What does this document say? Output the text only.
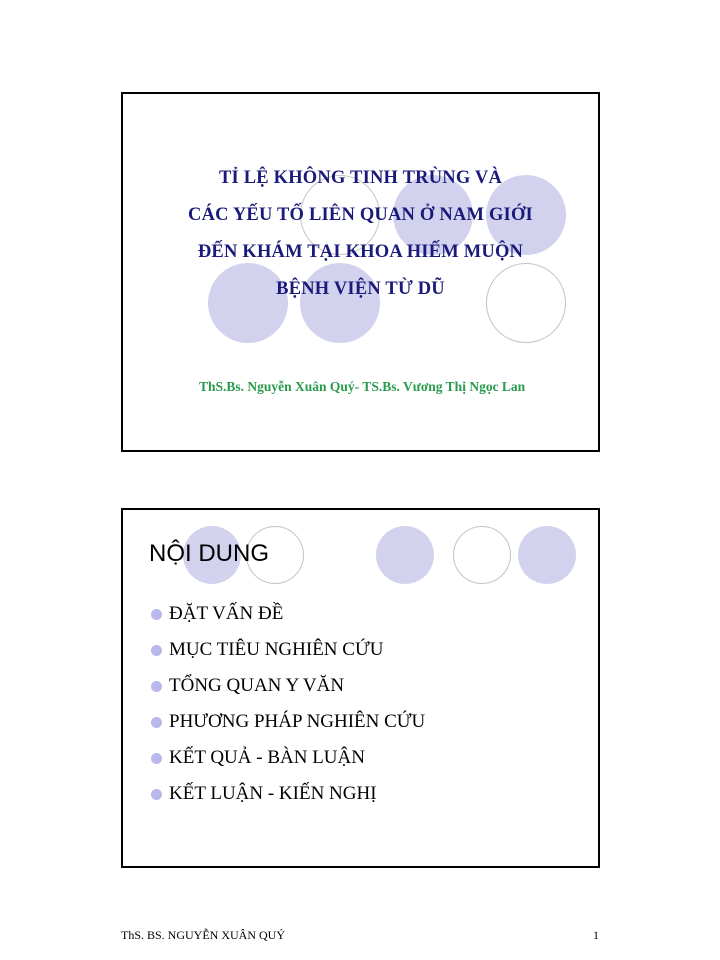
TỈ LỆ KHÔNG TINH TRÙNG VÀ
CÁC YẾU TỐ LIÊN QUAN Ở NAM GIỚI
ĐẾN KHÁM TẠI KHOA HIẾM MUỘN
BỆNH VIỆN TỪ DŨ
ThS.Bs. Nguyễn Xuân Quý- TS.Bs. Vương Thị Ngọc Lan
NỘI DUNG
ĐẶT VẤN ĐỀ
MỤC TIÊU NGHIÊN CỨU
TỔNG QUAN Y VĂN
PHƯƠNG PHÁP NGHIÊN CỨU
KẾT QUẢ - BÀN LUẬN
KẾT LUẬN - KIẾN NGHỊ
ThS. BS. NGUYỄN XUÂN QUÝ	1
